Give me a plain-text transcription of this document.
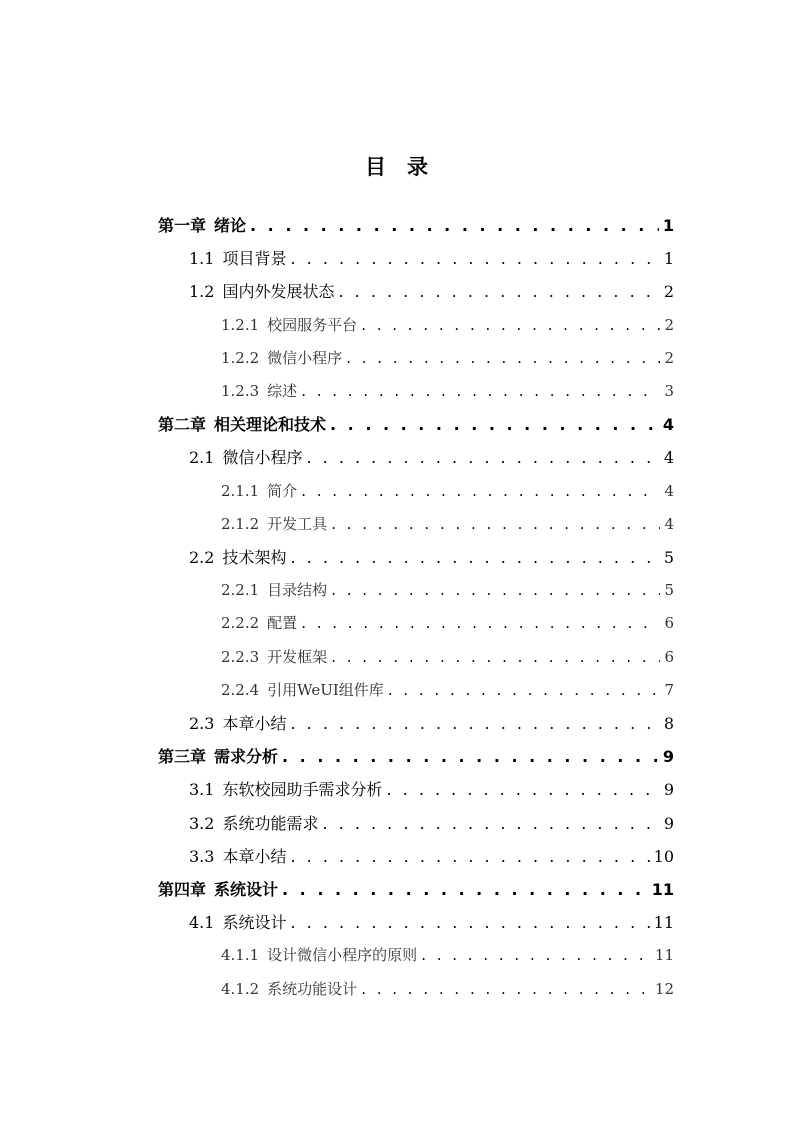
目　录
第一章 绪论 . . .	1
1.1 项目背景 . . .	1
1.2 国内外发展状态 . . .	2
1.2.1 校园服务平台 . . .	2
1.2.2 微信小程序 . . .	2
1.2.3 综述 . . .	3
第二章 相关理论和技术 . . .	4
2.1 微信小程序 . . .	4
2.1.1 简介 . . .	4
2.1.2 开发工具 . . .	4
2.2 技术架构 . . .	5
2.2.1 目录结构 . . .	5
2.2.2 配置 . . .	6
2.2.3 开发框架 . . .	6
2.2.4 引用WeUI组件库 . . .	7
2.3 本章小结 . . .	8
第三章 需求分析 . . .	9
3.1 东软校园助手需求分析 . . .	9
3.2 系统功能需求 . . .	9
3.3 本章小结 . . .	10
第四章 系统设计 . . .	11
4.1 系统设计 . . .	11
4.1.1 设计微信小程序的原则 . . .	11
4.1.2 系统功能设计 . . .	12
